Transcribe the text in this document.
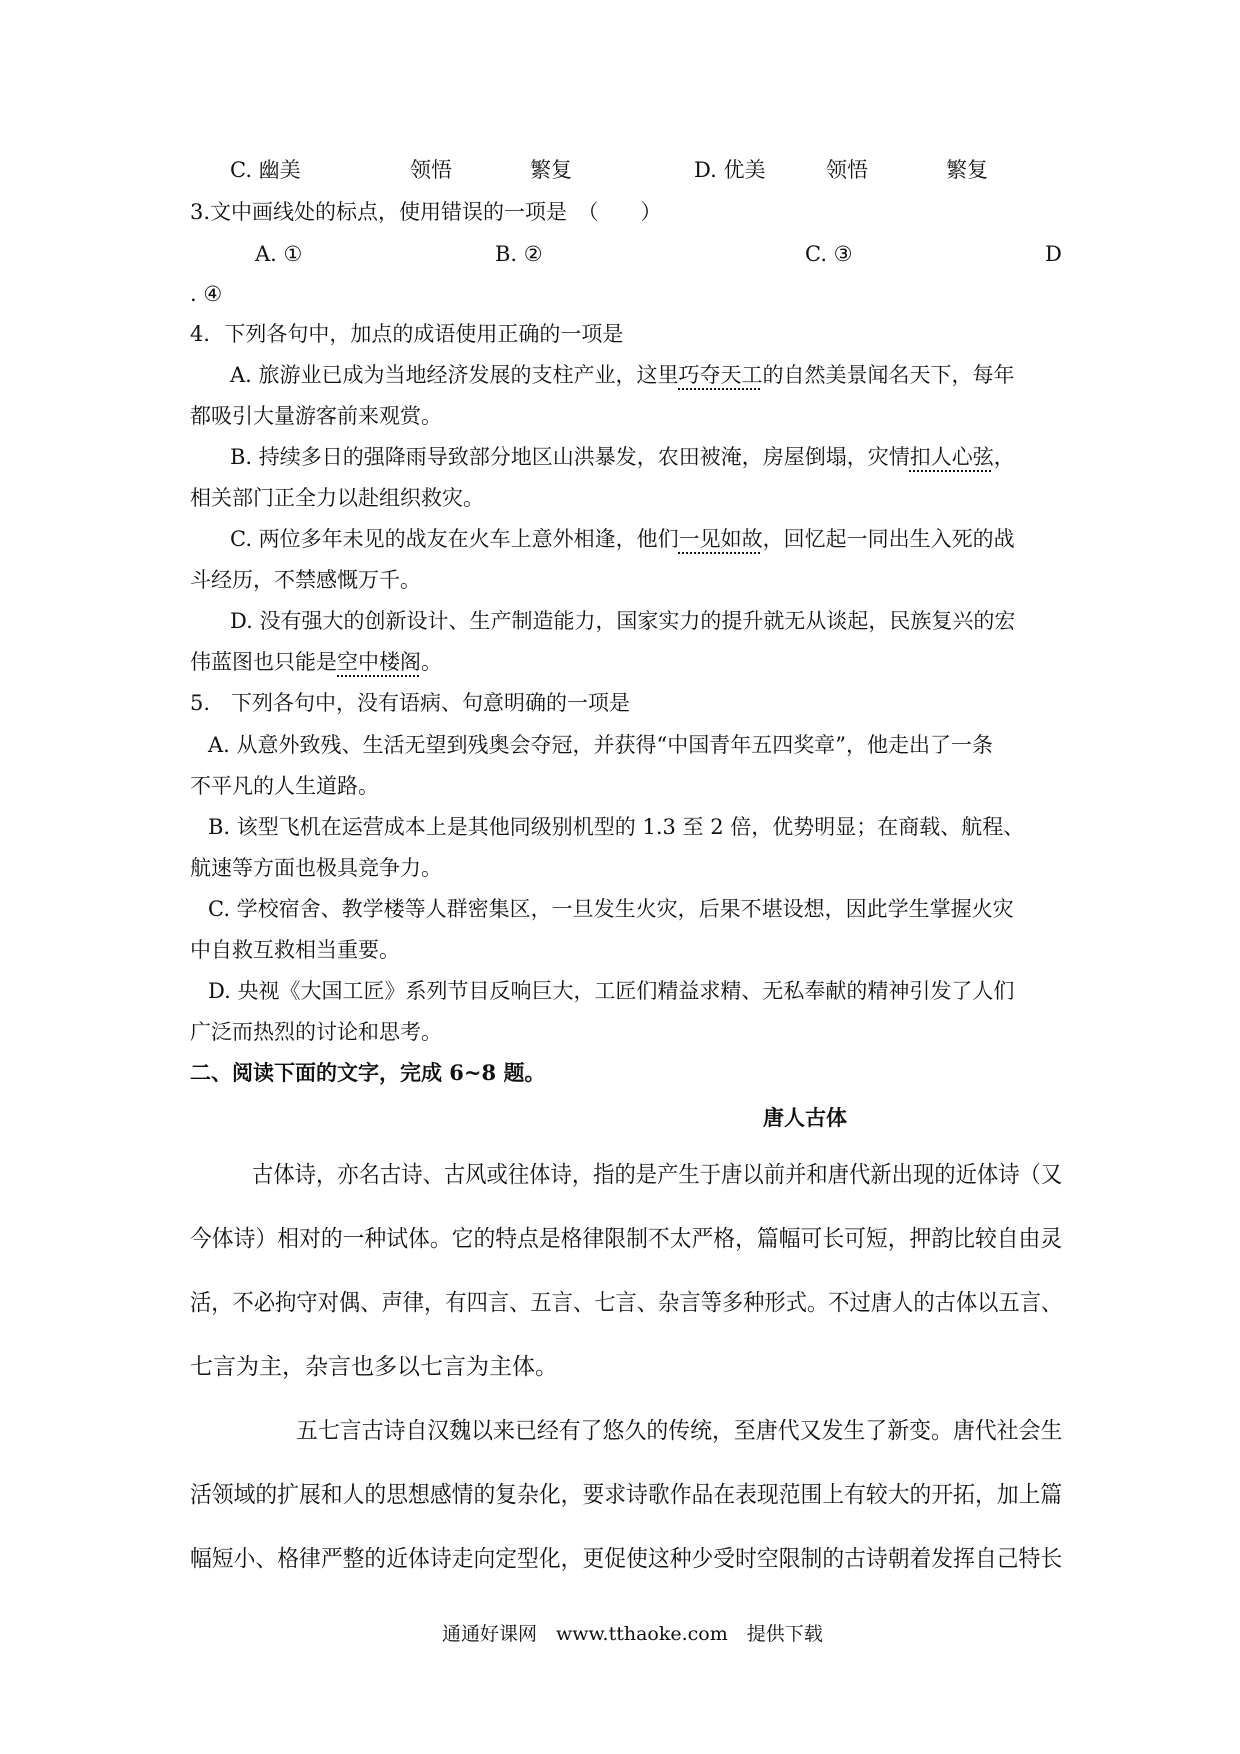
C. 幽美	领悟	繁复	D. 优美	领悟	繁复
3.文中画线处的标点，使用错误的一项是　（　　）
A. ①	B. ②	C. ③	D
. ④
4．下列各句中，加点的成语使用正确的一项是
A. 旅游业已成为当地经济发展的支柱产业，这里巧夺天工的自然美景闻名天下，每年
都吸引大量游客前来观赏。
B. 持续多日的强降雨导致部分地区山洪暴发，农田被淹，房屋倒塌，灾情扣人心弦，
相关部门正全力以赴组织救灾。
C. 两位多年未见的战友在火车上意外相逢，他们一见如故，回忆起一同出生入死的战
斗经历，不禁感慨万千。
D. 没有强大的创新设计、生产制造能力，国家实力的提升就无从谈起，民族复兴的宏
伟蓝图也只能是空中楼阁。
5.　下列各句中，没有语病、句意明确的一项是
A. 从意外致残、生活无望到残奥会夺冠，并获得“中国青年五四奖章”，他走出了一条
不平凡的人生道路。
B. 该型飞机在运营成本上是其他同级别机型的 1.3 至 2 倍，优势明显；在商载、航程、
航速等方面也极具竞争力。
C. 学校宿舍、教学楼等人群密集区，一旦发生火灾，后果不堪设想，因此学生掌握火灾
中自救互救相当重要。
D. 央视《大国工匠》系列节目反响巨大，工匠们精益求精、无私奉献的精神引发了人们
广泛而热烈的讨论和思考。
二、阅读下面的文字，完成 6~8 题。
唐人古体
古体诗，亦名古诗、古风或往体诗，指的是产生于唐以前并和唐代新出现的近体诗（又
今体诗）相对的一种试体。它的特点是格律限制不太严格，篇幅可长可短，押韵比较自由灵
活，不必拘守对偶、声律，有四言、五言、七言、杂言等多种形式。不过唐人的古体以五言、
七言为主，杂言也多以七言为主体。
五七言古诗自汉魏以来已经有了悠久的传统，至唐代又发生了新变。唐代社会生
活领域的扩展和人的思想感情的复杂化，要求诗歌作品在表现范围上有较大的开拓，加上篇
幅短小、格律严整的近体诗走向定型化，更促使这种少受时空限制的古诗朝着发挥自己特长
通通好课网　www.tthaoke.com　提供下载
